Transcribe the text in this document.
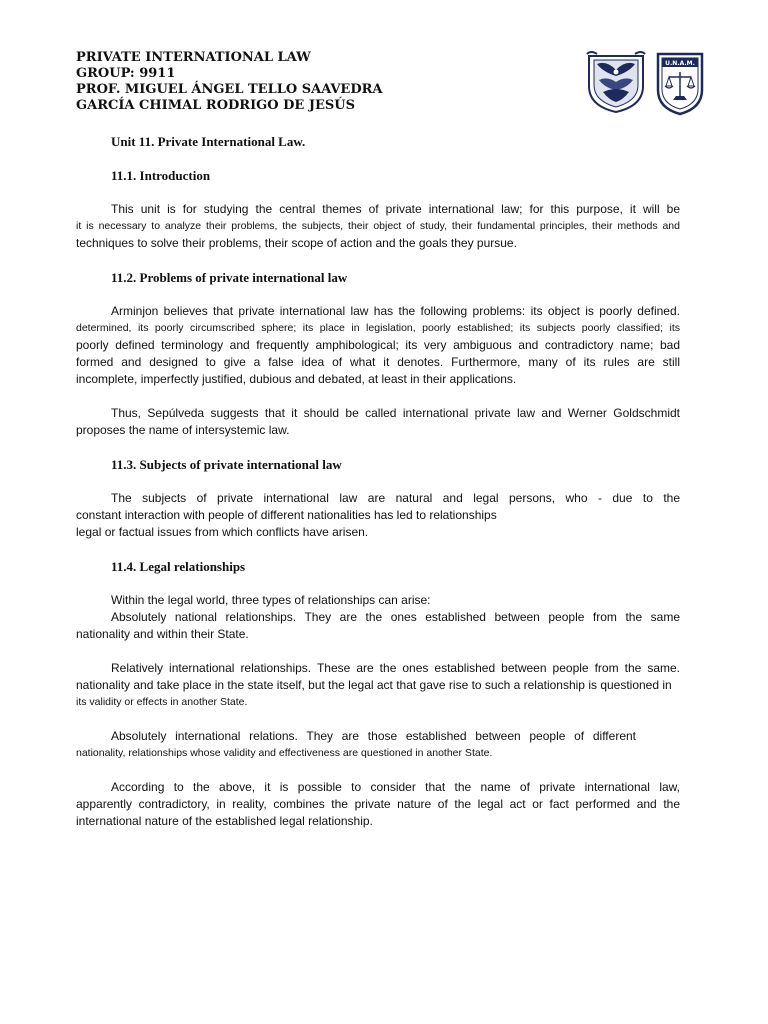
PRIVATE INTERNATIONAL LAW

GROUP: 9911

PROF. MIGUEL ÁNGEL TELLO SAAVEDRA

GARCÍA CHIMAL RODRIGO DE JESÚS

U.N.A.M.
Unit 11. Private International Law.
11.1. Introduction
This unit is for studying the central themes of private international law; for this purpose, it will be
it is necessary to analyze their problems, the subjects, their object of study, their fundamental principles, their methods and
techniques to solve their problems, their scope of action and the goals they pursue.
11.2. Problems of private international law
Arminjon believes that private international law has the following problems: its object is poorly defined.
determined, its poorly circumscribed sphere; its place in legislation, poorly established; its subjects poorly classified; its
poorly defined terminology and frequently amphibological; its very ambiguous and contradictory name; bad
formed and designed to give a false idea of what it denotes. Furthermore, many of its rules are still
incomplete, imperfectly justified, dubious and debated, at least in their applications.
Thus, Sepúlveda suggests that it should be called international private law and Werner Goldschmidt
proposes the name of intersystemic law.
11.3. Subjects of private international law
The subjects of private international law are natural and legal persons, who - due to the
constant interaction with people of different nationalities has led to relationships
legal or factual issues from which conflicts have arisen.
11.4. Legal relationships
Within the legal world, three types of relationships can arise:
Absolutely national relationships. They are the ones established between people from the same
nationality and within their State.
Relatively international relationships. These are the ones established between people from the same.
nationality and take place in the state itself, but the legal act that gave rise to such a relationship is questioned in
its validity or effects in another State.
Absolutely international relations. They are those established between people of different
nationality, relationships whose validity and effectiveness are questioned in another State.
According to the above, it is possible to consider that the name of private international law,
apparently contradictory, in reality, combines the private nature of the legal act or fact performed and the
international nature of the established legal relationship.
